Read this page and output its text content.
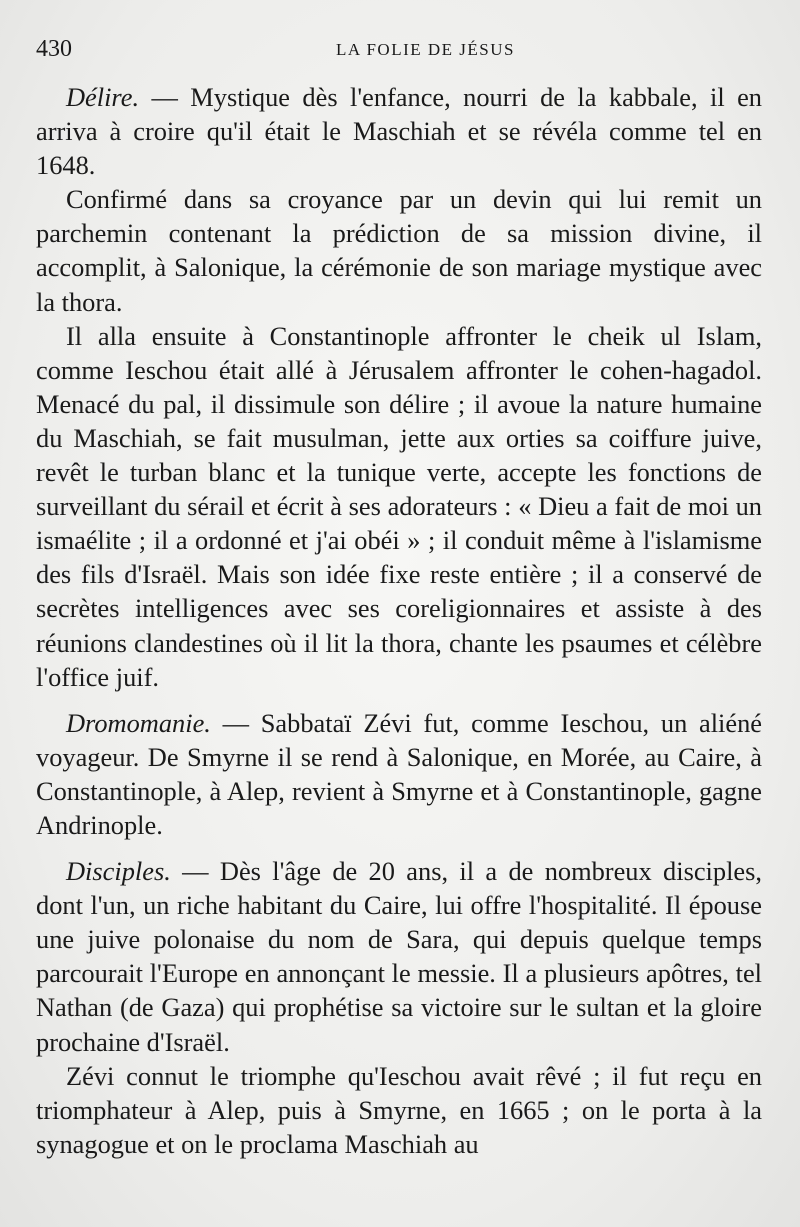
430	LA FOLIE DE JÉSUS

Délire. — Mystique dès l'enfance, nourri de la kabbale, il en arriva à croire qu'il était le Maschiah et se révéla comme tel en 1648.

Confirmé dans sa croyance par un devin qui lui remit un parchemin contenant la prédiction de sa mission divine, il accomplit, à Salonique, la cérémonie de son mariage mystique avec la thora.

Il alla ensuite à Constantinople affronter le cheik ul Islam, comme Ieschou était allé à Jérusalem affronter le cohen-hagadol. Menacé du pal, il dissimule son délire ; il avoue la nature humaine du Maschiah, se fait musulman, jette aux orties sa coiffure juive, revêt le turban blanc et la tunique verte, accepte les fonctions de surveillant du sérail et écrit à ses adorateurs : « Dieu a fait de moi un ismaélite ; il a ordonné et j'ai obéi » ; il conduit même à l'islamisme des fils d'Israël. Mais son idée fixe reste entière ; il a conservé de secrètes intelligences avec ses coreligionnaires et assiste à des réunions clandestines où il lit la thora, chante les psaumes et célèbre l'office juif.

Dromomanie. — Sabbataï Zévi fut, comme Ieschou, un aliéné voyageur. De Smyrne il se rend à Salonique, en Morée, au Caire, à Constantinople, à Alep, revient à Smyrne et à Constantinople, gagne Andrinople.

Disciples. — Dès l'âge de 20 ans, il a de nombreux disciples, dont l'un, un riche habitant du Caire, lui offre l'hospitalité. Il épouse une juive polonaise du nom de Sara, qui depuis quelque temps parcourait l'Europe en annonçant le messie. Il a plusieurs apôtres, tel Nathan (de Gaza) qui prophétise sa victoire sur le sultan et la gloire prochaine d'Israël.

Zévi connut le triomphe qu'Ieschou avait rêvé ; il fut reçu en triomphateur à Alep, puis à Smyrne, en 1665 ; on le porta à la synagogue et on le proclama Maschiah au
